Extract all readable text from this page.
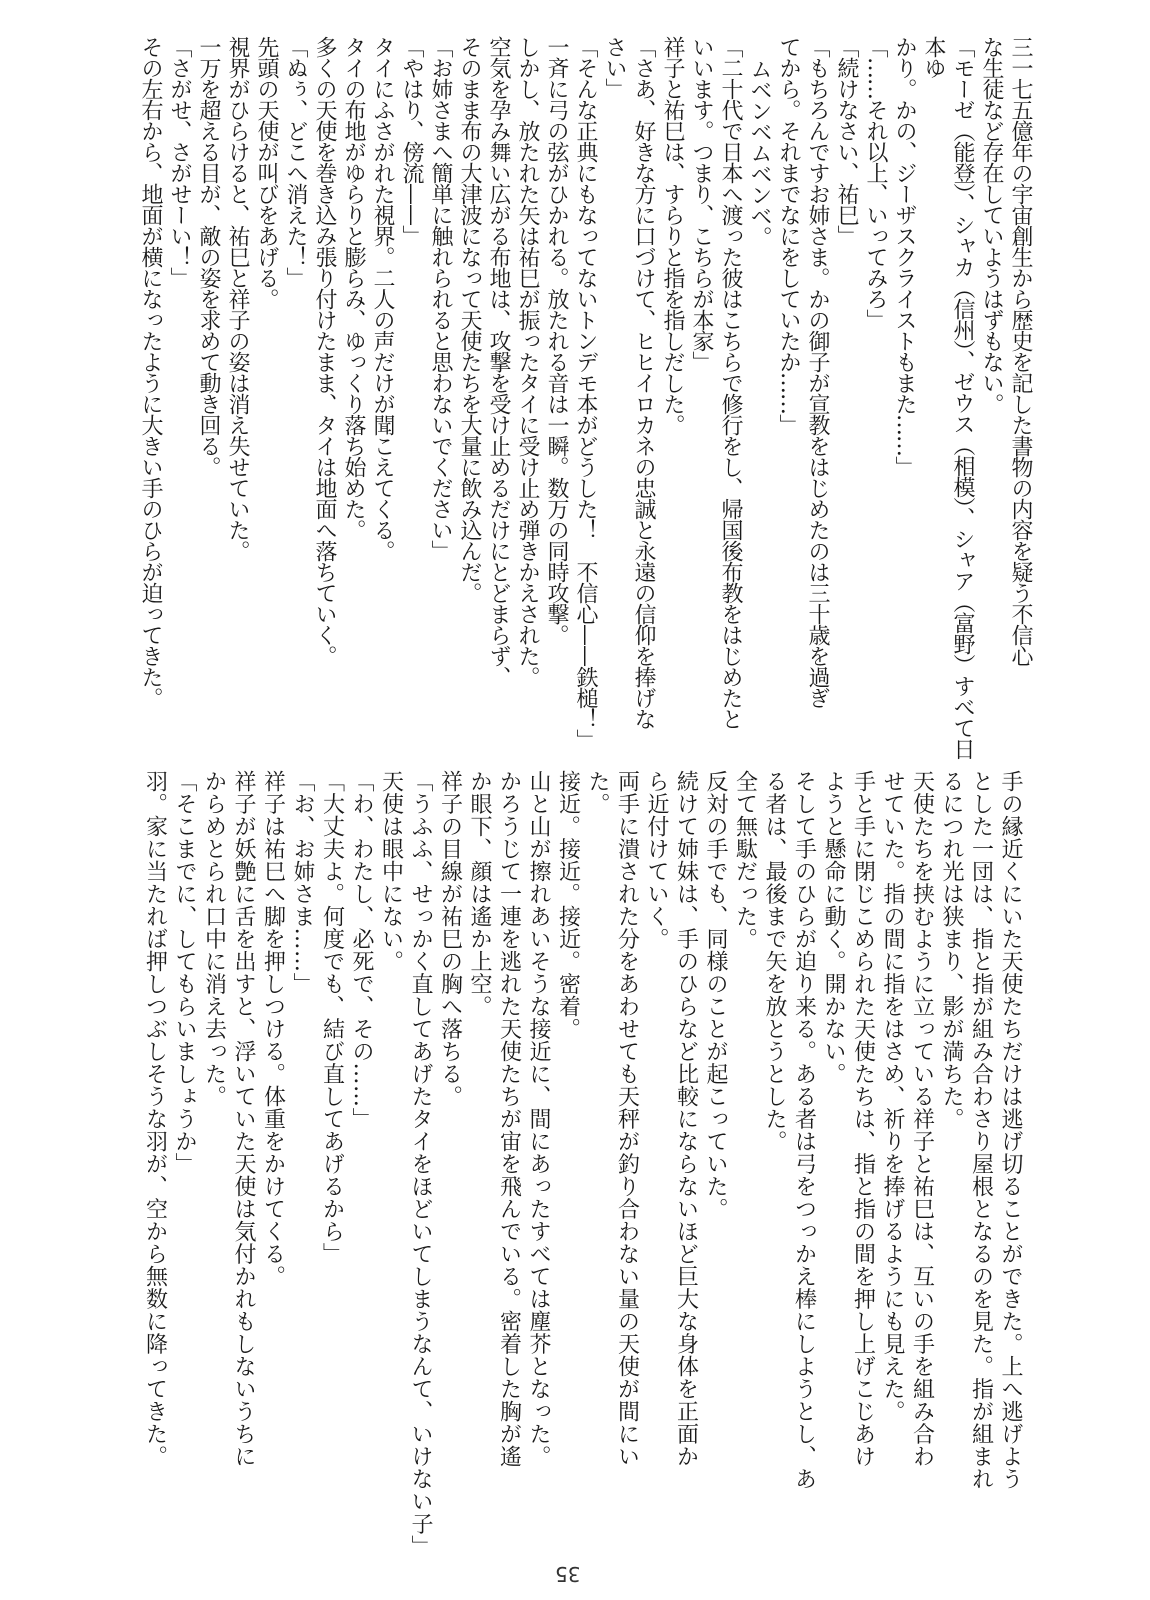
三一七五億年の宇宙創生から歴史を記した書物の内容を疑う不信心

な生徒など存在していようはずもない。

「モーゼ（能登）、シャカ（信州）、ゼウス（相模）、シャア（富野）すべて日本ゆ

かり。かの、ジーザスクライストもまた……」

「……それ以上、いってみろ」

「続けなさい、祐巳」

「もちろんですお姉さま。かの御子が宣教をはじめたのは三十歳を過ぎ

てから。それまでなにをしていたか……」

ムベンベムベンベ。

「二十代で日本へ渡った彼はこちらで修行をし、帰国後布教をはじめたと

いいます。つまり、こちらが本家」

祥子と祐巳は、すらりと指を指しだした。

「さあ、好きな方に口づけて、ヒヒイロカネの忠誠と永遠の信仰を捧げな

さい」

「そんな正典にもなってないトンデモ本がどうした！　不信心——鉄槌！」

一斉に弓の弦がひかれる。放たれる音は一瞬。数万の同時攻撃。

しかし、放たれた矢は祐巳が振ったタイに受け止め弾きかえされた。

空気を孕み舞い広がる布地は、攻撃を受け止めるだけにとどまらず、

そのまま布の大津波になって天使たちを大量に飲み込んだ。

「お姉さまへ簡単に触れられると思わないでください」

「やはり、傍流——」

タイにふさがれた視界。二人の声だけが聞こえてくる。

タイの布地がゆらりと膨らみ、ゆっくり落ち始めた。

多くの天使を巻き込み張り付けたまま、タイは地面へ落ちていく。

「ぬぅ、どこへ消えた！」

先頭の天使が叫びをあげる。

視界がひらけると、祐巳と祥子の姿は消え失せていた。

一万を超える目が、敵の姿を求めて動き回る。

「さがせ、さがせーい！」

その左右から、地面が横になったように大きい手のひらが迫ってきた。

手の縁近くにいた天使たちだけは逃げ切ることができた。上へ逃げよう

とした一団は、指と指が組み合わさり屋根となるのを見た。指が組まれ

るにつれ光は狭まり、影が満ちた。

天使たちを挟むように立っている祥子と祐巳は、互いの手を組み合わ

せていた。指の間に指をはさめ、祈りを捧げるようにも見えた。

手と手に閉じこめられた天使たちは、指と指の間を押し上げこじあけ

ようと懸命に動く。開かない。

そして手のひらが迫り来る。ある者は弓をつっかえ棒にしようとし、あ

る者は、最後まで矢を放とうとした。

全て無駄だった。

反対の手でも、同様のことが起こっていた。

続けて姉妹は、手のひらなど比較にならないほど巨大な身体を正面か

ら近付けていく。

両手に潰された分をあわせても天秤が釣り合わない量の天使が間にい

た。

接近。接近。接近。密着。

山と山が擦れあいそうな接近に、間にあったすべては塵芥となった。

かろうじて一連を逃れた天使たちが宙を飛んでいる。密着した胸が遙

か眼下、顔は遙か上空。

祥子の目線が祐巳の胸へ落ちる。

「うふふ、せっかく直してあげたタイをほどいてしまうなんて、いけない子」

天使は眼中にない。

「わ、わたし、必死で、その……」

「大丈夫よ。何度でも、結び直してあげるから」

「お、お姉さま……」

祥子は祐巳へ脚を押しつける。体重をかけてくる。

祥子が妖艶に舌を出すと、浮いていた天使は気付かれもしないうちに

からめとられ口中に消え去った。

「そこまでに、してもらいましょうか」

羽。家に当たれば押しつぶしそうな羽が、空から無数に降ってきた。

35
